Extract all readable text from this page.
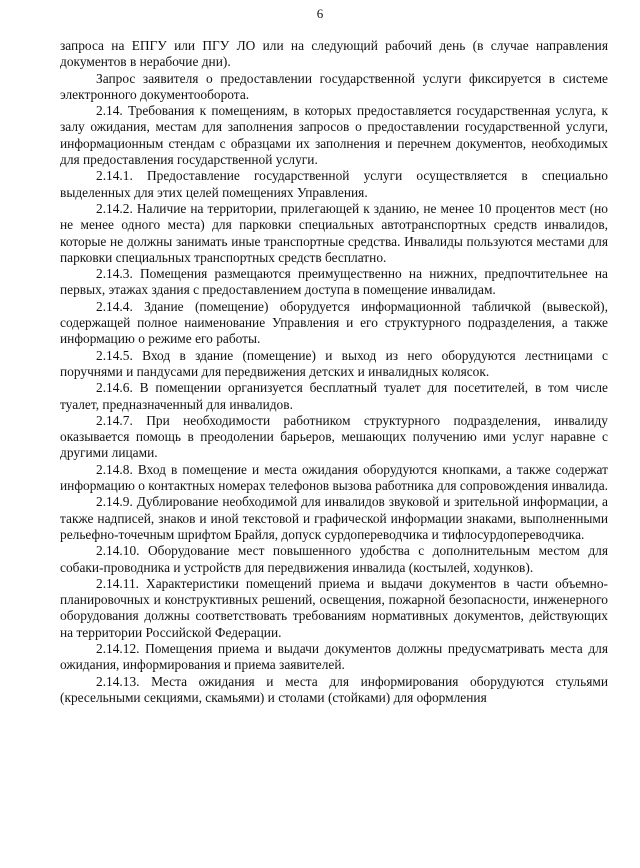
6

запроса на ЕПГУ или ПГУ ЛО или на следующий рабочий день (в случае направления документов в нерабочие дни).

Запрос заявителя о предоставлении государственной услуги фиксируется в системе электронного документооборота.

2.14. Требования к помещениям, в которых предоставляется государственная услуга, к залу ожидания, местам для заполнения запросов о предоставлении государственной услуги, информационным стендам с образцами их заполнения и перечнем документов, необходимых для предоставления государственной услуги.

2.14.1. Предоставление государственной услуги осуществляется в специально выделенных для этих целей помещениях Управления.

2.14.2. Наличие на территории, прилегающей к зданию, не менее 10 процентов мест (но не менее одного места) для парковки специальных автотранспортных средств инвалидов, которые не должны занимать иные транспортные средства. Инвалиды пользуются местами для парковки специальных транспортных средств бесплатно.

2.14.3. Помещения размещаются преимущественно на нижних, предпочтительнее на первых, этажах здания с предоставлением доступа в помещение инвалидам.

2.14.4. Здание (помещение) оборудуется информационной табличкой (вывеской), содержащей полное наименование Управления и его структурного подразделения, а также информацию о режиме его работы.

2.14.5. Вход в здание (помещение) и выход из него оборудуются лестницами с поручнями и пандусами для передвижения детских и инвалидных колясок.

2.14.6. В помещении организуется бесплатный туалет для посетителей, в том числе туалет, предназначенный для инвалидов.

2.14.7. При необходимости работником структурного подразделения, инвалиду оказывается помощь в преодолении барьеров, мешающих получению ими услуг наравне с другими лицами.

2.14.8. Вход в помещение и места ожидания оборудуются кнопками, а также содержат информацию о контактных номерах телефонов вызова работника для сопровождения инвалида.

2.14.9. Дублирование необходимой для инвалидов звуковой и зрительной информации, а также надписей, знаков и иной текстовой и графической информации знаками, выполненными рельефно-точечным шрифтом Брайля, допуск сурдопереводчика и тифлосурдопереводчика.

2.14.10. Оборудование мест повышенного удобства с дополнительным местом для собаки-проводника и устройств для передвижения инвалида (костылей, ходунков).

2.14.11. Характеристики помещений приема и выдачи документов в части объемно-планировочных и конструктивных решений, освещения, пожарной безопасности, инженерного оборудования должны соответствовать требованиям нормативных документов, действующих на территории Российской Федерации.

2.14.12. Помещения приема и выдачи документов должны предусматривать места для ожидания, информирования и приема заявителей.

2.14.13. Места ожидания и места для информирования оборудуются стульями (кресельными секциями, скамьями) и столами (стойками) для оформления
